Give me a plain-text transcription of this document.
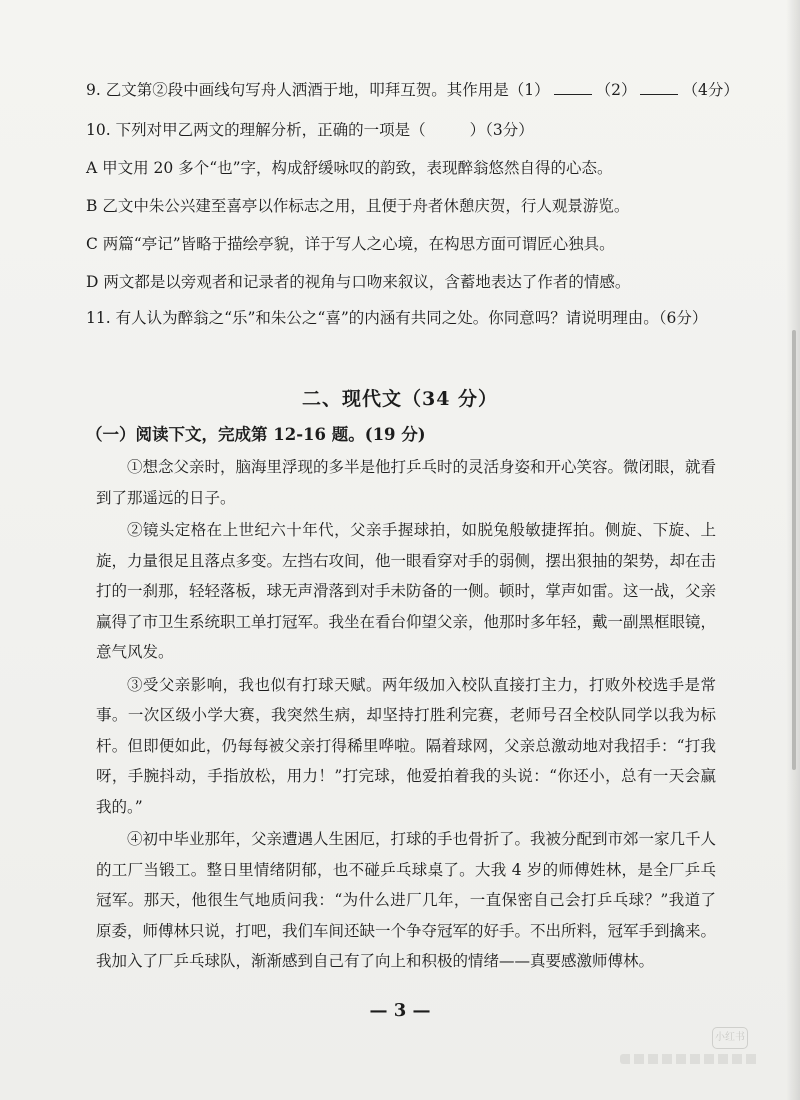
9. 乙文第②段中画线句写舟人洒酒于地，叩拜互贺。其作用是（1）	（2）	（4分）
10. 下列对甲乙两文的理解分析，正确的一项是（	）（3分）
A 甲文用 20 多个“也”字，构成舒缓咏叹的韵致，表现醉翁悠然自得的心态。
B 乙文中朱公兴建至喜亭以作标志之用，且便于舟者休憩庆贺，行人观景游览。
C 两篇“亭记”皆略于描绘亭貌，详于写人之心境，在构思方面可谓匠心独具。
D 两文都是以旁观者和记录者的视角与口吻来叙议，含蓄地表达了作者的情感。
11. 有人认为醉翁之“乐”和朱公之“喜”的内涵有共同之处。你同意吗？请说明理由。（6分）
二、现代文（34 分）
（一）阅读下文，完成第 12-16 题。(19 分)

①想念父亲时，脑海里浮现的多半是他打乒乓时的灵活身姿和开心笑容。微闭眼，就看到了那遥远的日子。

②镜头定格在上世纪六十年代，父亲手握球拍，如脱兔般敏捷挥拍。侧旋、下旋、上旋，力量很足且落点多变。左挡右攻间，他一眼看穿对手的弱侧，摆出狠抽的架势，却在击打的一刹那，轻轻落板，球无声滑落到对手未防备的一侧。顿时，掌声如雷。这一战，父亲赢得了市卫生系统职工单打冠军。我坐在看台仰望父亲，他那时多年轻，戴一副黑框眼镜，意气风发。

③受父亲影响，我也似有打球天赋。两年级加入校队直接打主力，打败外校选手是常事。一次区级小学大赛，我突然生病，却坚持打胜利完赛，老师号召全校队同学以我为标杆。但即便如此，仍每每被父亲打得稀里哗啦。隔着球网，父亲总激动地对我招手：“打我呀，手腕抖动，手指放松，用力！”打完球，他爱拍着我的头说：“你还小，总有一天会赢我的。”

④初中毕业那年，父亲遭遇人生困厄，打球的手也骨折了。我被分配到市郊一家几千人的工厂当锻工。整日里情绪阴郁，也不碰乒乓球桌了。大我 4 岁的师傅姓林，是全厂乒乓冠军。那天，他很生气地质问我：“为什么进厂几年，一直保密自己会打乒乓球？”我道了原委，师傅林只说，打吧，我们车间还缺一个争夺冠军的好手。不出所料，冠军手到擒来。我加入了厂乒乓球队，渐渐感到自己有了向上和积极的情绪——真要感激师傅林。

— 3 —
小红书
